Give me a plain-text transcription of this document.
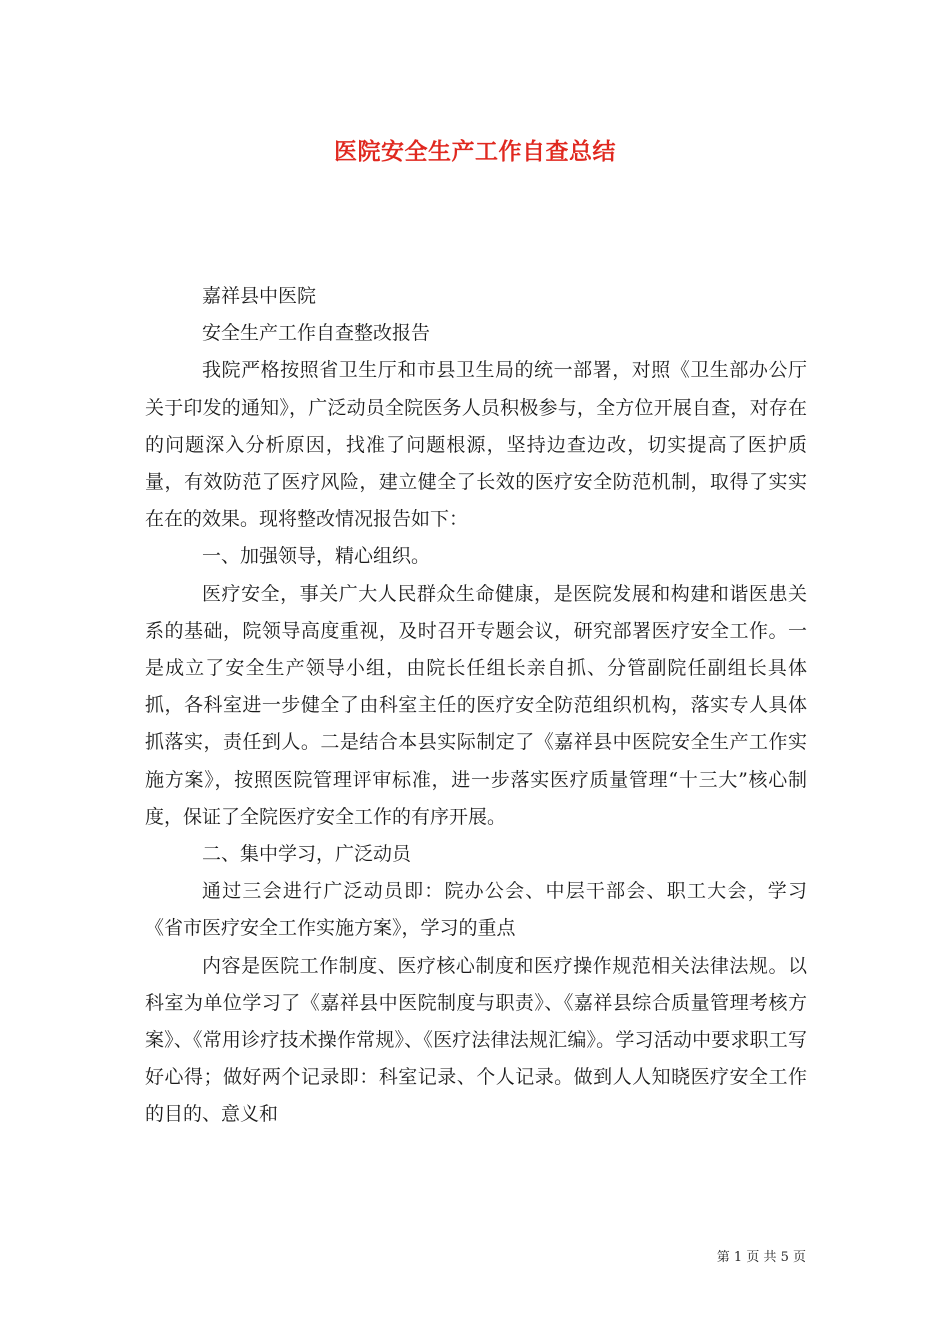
医院安全生产工作自查总结

嘉祥县中医院

安全生产工作自查整改报告

我院严格按照省卫生厅和市县卫生局的统一部署，对照《卫生部办公厅关于印发的通知》，广泛动员全院医务人员积极参与，全方位开展自查，对存在的问题深入分析原因，找准了问题根源，坚持边查边改，切实提高了医护质量，有效防范了医疗风险，建立健全了长效的医疗安全防范机制，取得了实实在在的效果。现将整改情况报告如下：

一、加强领导，精心组织。

医疗安全，事关广大人民群众生命健康，是医院发展和构建和谐医患关系的基础，院领导高度重视，及时召开专题会议，研究部署医疗安全工作。一是成立了安全生产领导小组，由院长任组长亲自抓、分管副院任副组长具体抓，各科室进一步健全了由科室主任的医疗安全防范组织机构，落实专人具体抓落实，责任到人。二是结合本县实际制定了《嘉祥县中医院安全生产工作实施方案》，按照医院管理评审标准，进一步落实医疗质量管理“十三大”核心制度，保证了全院医疗安全工作的有序开展。

二、集中学习，广泛动员

通过三会进行广泛动员即：院办公会、中层干部会、职工大会，学习《省市医疗安全工作实施方案》，学习的重点

内容是医院工作制度、医疗核心制度和医疗操作规范相关法律法规。以科室为单位学习了《嘉祥县中医院制度与职责》、《嘉祥县综合质量管理考核方案》、《常用诊疗技术操作常规》、《医疗法律法规汇编》。学习活动中要求职工写好心得；做好两个记录即：科室记录、个人记录。做到人人知晓医疗安全工作的目的、意义和

第 1 页 共 5 页
